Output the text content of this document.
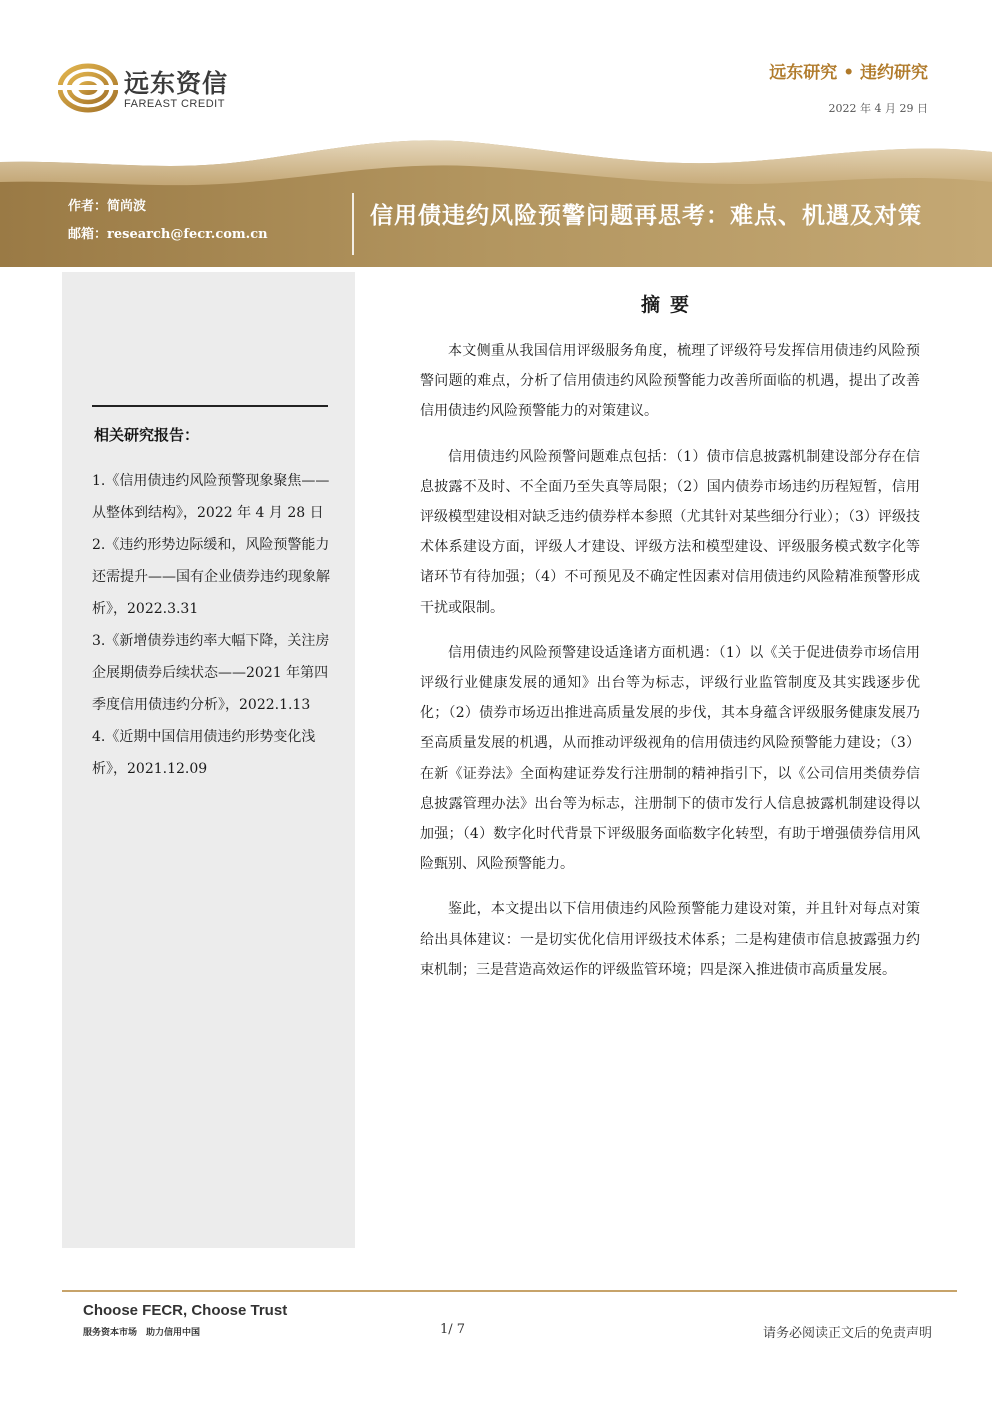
远东资信
FAREAST CREDIT
远东研究 • 违约研究
2022 年 4 月 29 日
作者：简尚波
邮箱：research@fecr.com.cn
信用债违约风险预警问题再思考：难点、机遇及对策
相关研究报告：

1.《信用债违约风险预警现象聚焦——从整体到结构》，2022 年 4 月 28 日

2.《违约形势边际缓和，风险预警能力还需提升——国有企业债券违约现象解析》，2022.3.31

3.《新增债券违约率大幅下降，关注房企展期债券后续状态——2021 年第四季度信用债违约分析》，2022.1.13

4.《近期中国信用债违约形势变化浅析》，2021.12.09

摘要

本文侧重从我国信用评级服务角度，梳理了评级符号发挥信用债违约风险预警问题的难点，分析了信用债违约风险预警能力改善所面临的机遇，提出了改善信用债违约风险预警能力的对策建议。

信用债违约风险预警问题难点包括：（1）债市信息披露机制建设部分存在信息披露不及时、不全面乃至失真等局限；（2）国内债券市场违约历程短暂，信用评级模型建设相对缺乏违约债券样本参照（尤其针对某些细分行业）；（3）评级技术体系建设方面，评级人才建设、评级方法和模型建设、评级服务模式数字化等诸环节有待加强；（4）不可预见及不确定性因素对信用债违约风险精准预警形成干扰或限制。

信用债违约风险预警建设适逢诸方面机遇：（1）以《关于促进债券市场信用评级行业健康发展的通知》出台等为标志，评级行业监管制度及其实践逐步优化；（2）债券市场迈出推进高质量发展的步伐，其本身蕴含评级服务健康发展乃至高质量发展的机遇，从而推动评级视角的信用债违约风险预警能力建设；（3）在新《证券法》全面构建证券发行注册制的精神指引下，以《公司信用类债券信息披露管理办法》出台等为标志，注册制下的债市发行人信息披露机制建设得以加强；（4）数字化时代背景下评级服务面临数字化转型，有助于增强债券信用风险甄别、风险预警能力。

鉴此，本文提出以下信用债违约风险预警能力建设对策，并且针对每点对策给出具体建议：一是切实优化信用评级技术体系；二是构建债市信息披露强力约束机制；三是营造高效运作的评级监管环境；四是深入推进债市高质量发展。

Choose FECR, Choose Trust
服务资本市场　助力信用中国	1/ 7	请务必阅读正文后的免责声明
